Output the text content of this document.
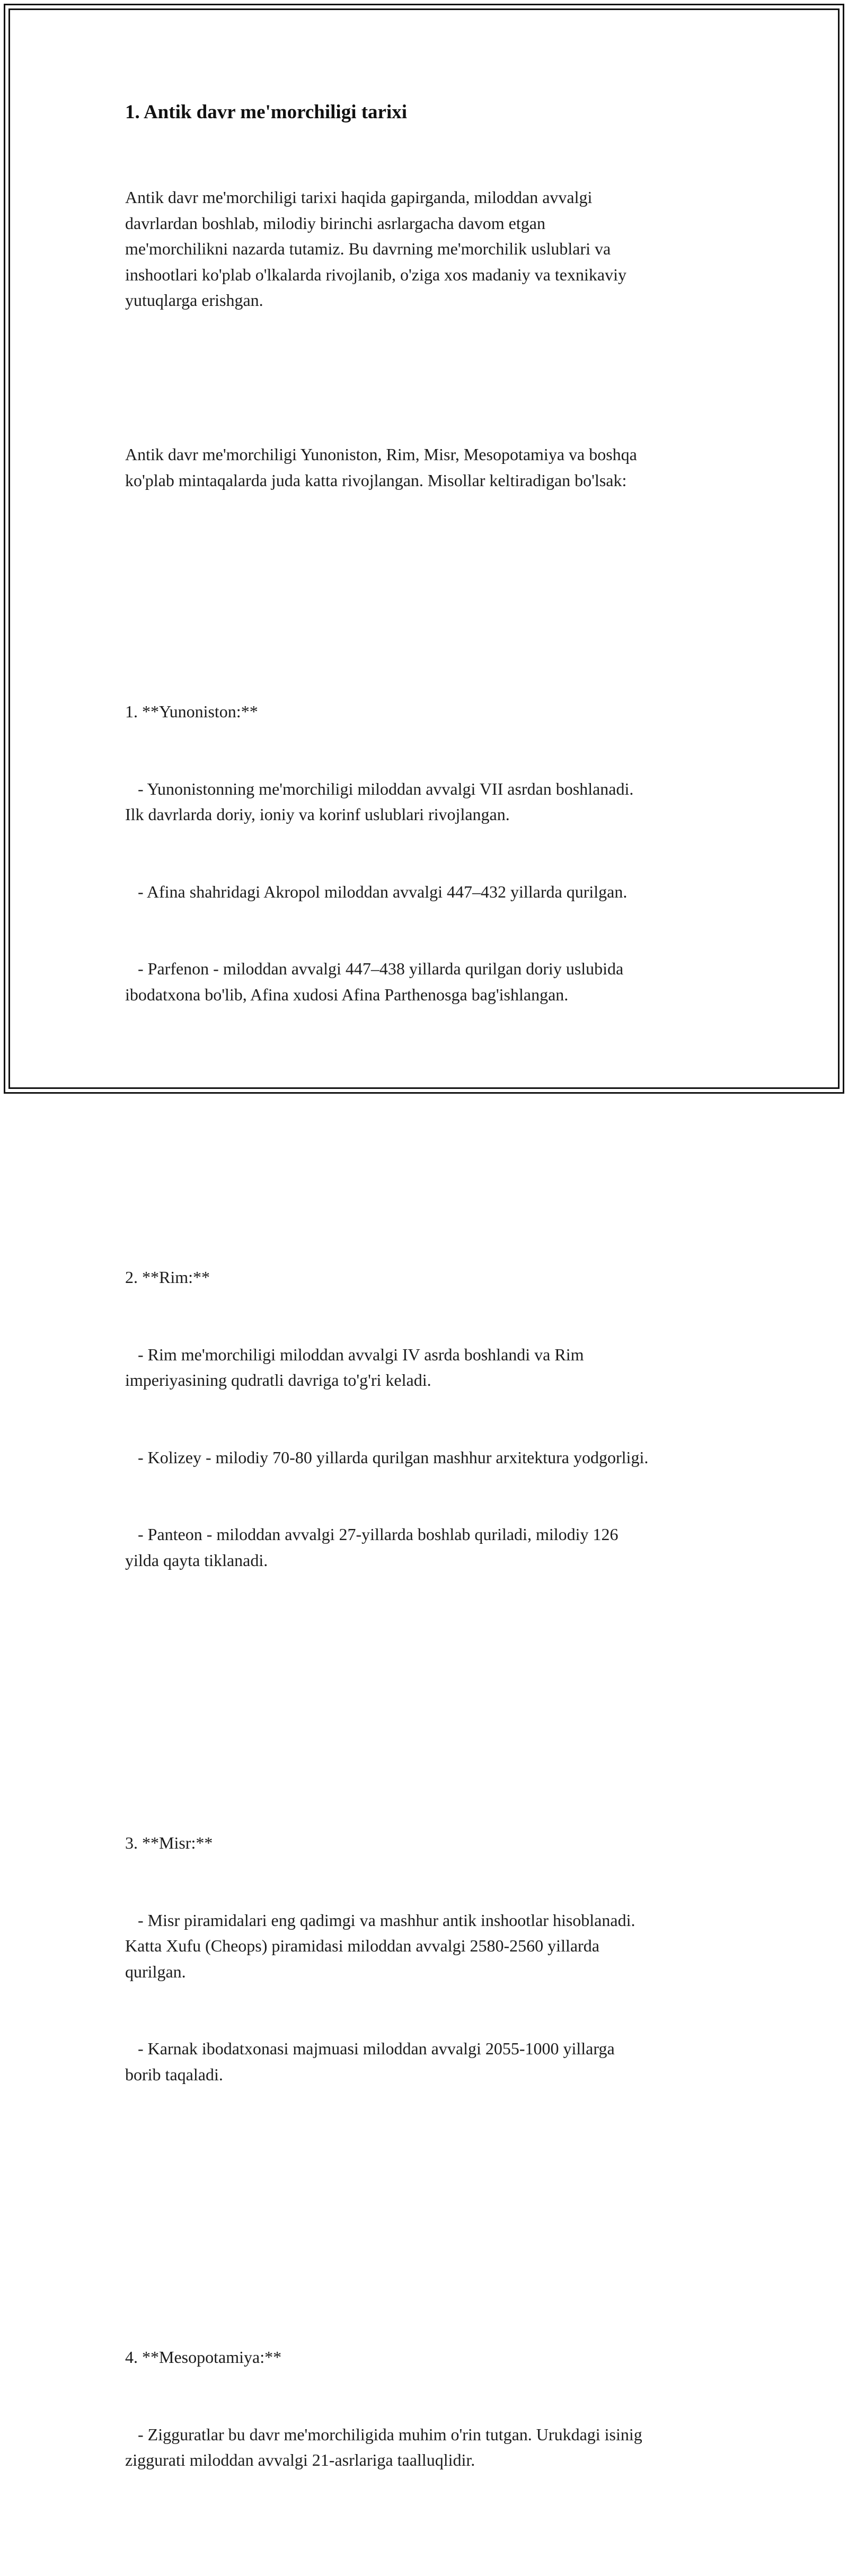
1. Antik davr me'morchiligi tarixi

Antik davr me'morchiligi tarixi haqida gapirganda, miloddan avvalgi
davrlardan boshlab, milodiy birinchi asrlargacha davom etgan
me'morchilikni nazarda tutamiz. Bu davrning me'morchilik uslublari va
inshootlari ko'plab o'lkalarda rivojlanib, o'ziga xos madaniy va texnikaviy
yutuqlarga erishgan.

Antik davr me'morchiligi Yunoniston, Rim, Misr, Mesopotamiya va boshqa
ko'plab mintaqalarda juda katta rivojlangan. Misollar keltiradigan bo'lsak:

1. **Yunoniston:**

- Yunonistonning me'morchiligi miloddan avvalgi VII asrdan boshlanadi.
Ilk davrlarda doriy, ioniy va korinf uslublari rivojlangan.

- Afina shahridagi Akropol miloddan avvalgi 447–432 yillarda qurilgan.

- Parfenon - miloddan avvalgi 447–438 yillarda qurilgan doriy uslubida
ibodatxona bo'lib, Afina xudosi Afina Parthenosga bag'ishlangan.

2. **Rim:**

- Rim me'morchiligi miloddan avvalgi IV asrda boshlandi va Rim
imperiyasining qudratli davriga to'g'ri keladi.

- Kolizey - milodiy 70-80 yillarda qurilgan mashhur arxitektura yodgorligi.

- Panteon - miloddan avvalgi 27-yillarda boshlab quriladi, milodiy 126
yilda qayta tiklanadi.

3. **Misr:**

- Misr piramidalari eng qadimgi va mashhur antik inshootlar hisoblanadi.
Katta Xufu (Cheops) piramidasi miloddan avvalgi 2580-2560 yillarda
qurilgan.

- Karnak ibodatxonasi majmuasi miloddan avvalgi 2055-1000 yillarga
borib taqaladi.

4. **Mesopotamiya:**

- Zigguratlar bu davr me'morchiligida muhim o'rin tutgan. Urukdagi isinig
ziggurati miloddan avvalgi 21-asrlariga taalluqlidir.
